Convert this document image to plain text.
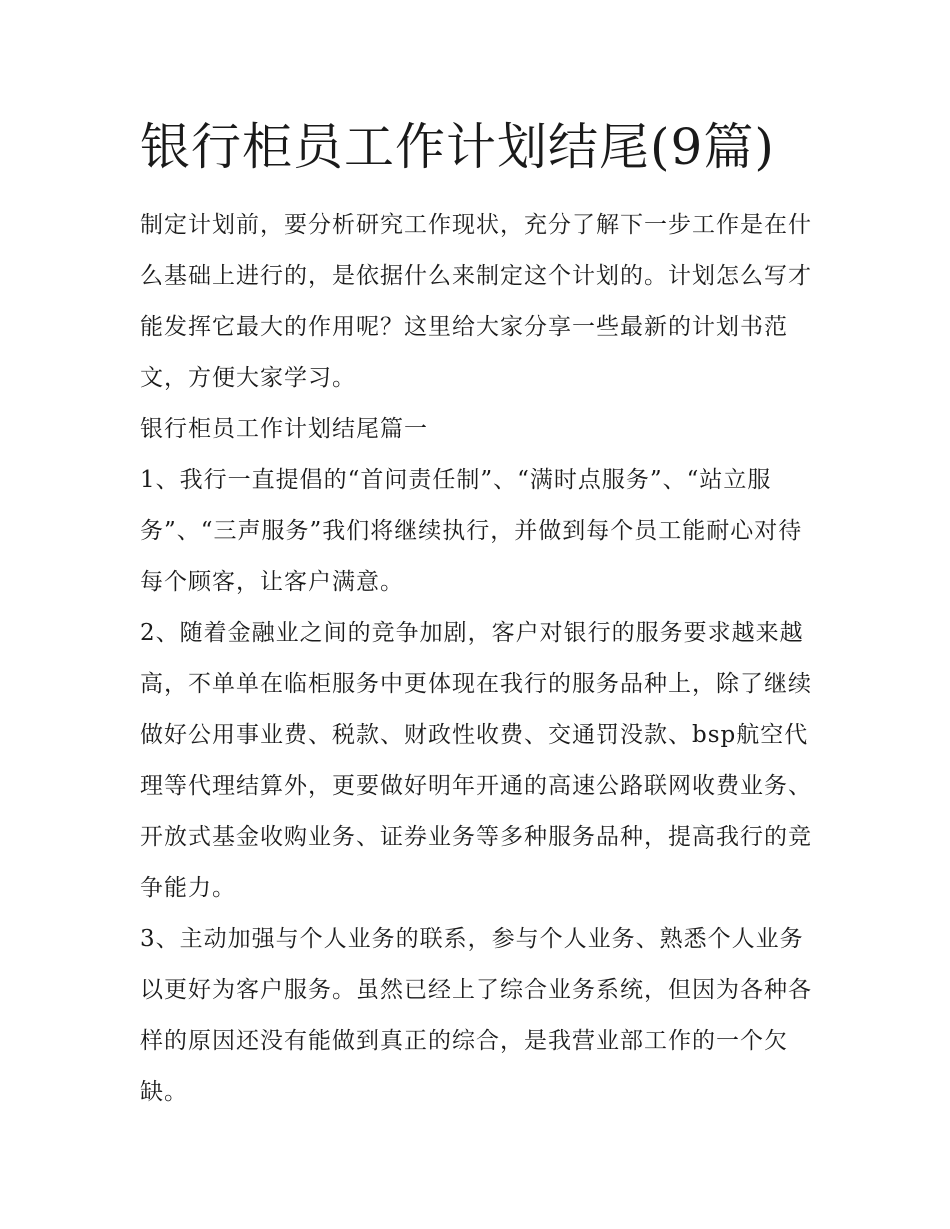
银行柜员工作计划结尾(9篇)

制定计划前，要分析研究工作现状，充分了解下一步工作是在什么基础上进行的，是依据什么来制定这个计划的。计划怎么写才能发挥它最大的作用呢？这里给大家分享一些最新的计划书范文，方便大家学习。

银行柜员工作计划结尾篇一

1、我行一直提倡的“首问责任制”、“满时点服务”、“站立服务”、“三声服务”我们将继续执行，并做到每个员工能耐心对待每个顾客，让客户满意。

2、随着金融业之间的竞争加剧，客户对银行的服务要求越来越高，不单单在临柜服务中更体现在我行的服务品种上，除了继续做好公用事业费、税款、财政性收费、交通罚没款、bsp航空代理等代理结算外，更要做好明年开通的高速公路联网收费业务、开放式基金收购业务、证券业务等多种服务品种，提高我行的竞争能力。

3、主动加强与个人业务的联系，参与个人业务、熟悉个人业务以更好为客户服务。虽然已经上了综合业务系统，但因为各种各样的原因还没有能做到真正的综合，是我营业部工作的一个欠缺。
